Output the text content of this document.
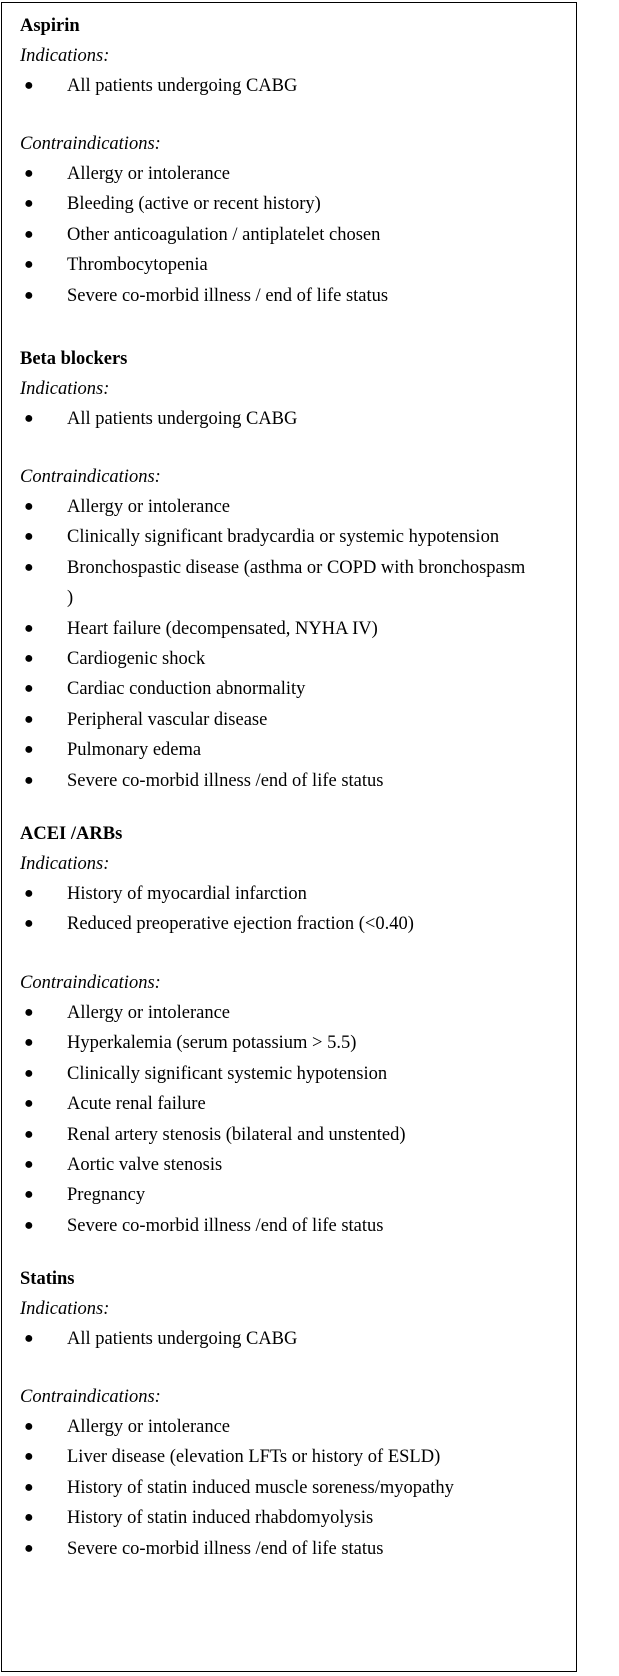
Aspirin
Indications:
● All patients undergoing CABG
Contraindications:
● Allergy or intolerance
● Bleeding (active or recent history)
● Other anticoagulation / antiplatelet chosen
● Thrombocytopenia
● Severe co-morbid illness / end of life status
Beta blockers
Indications:
● All patients undergoing CABG
Contraindications:
● Allergy or intolerance
● Clinically significant bradycardia or systemic hypotension
● Bronchospastic disease (asthma or COPD with bronchospasm )
● Heart failure (decompensated, NYHA IV)
● Cardiogenic shock
● Cardiac conduction abnormality
● Peripheral vascular disease
● Pulmonary edema
● Severe co-morbid illness /end of life status
ACEI /ARBs
Indications:
● History of myocardial infarction
● Reduced preoperative ejection fraction (<0.40)
Contraindications:
● Allergy or intolerance
● Hyperkalemia (serum potassium > 5.5)
● Clinically significant systemic hypotension
● Acute renal failure
● Renal artery stenosis (bilateral and unstented)
● Aortic valve stenosis
● Pregnancy
● Severe co-morbid illness /end of life status
Statins
Indications:
● All patients undergoing CABG
Contraindications:
● Allergy or intolerance
● Liver disease (elevation LFTs or history of ESLD)
● History of statin induced muscle soreness/myopathy
● History of statin induced rhabdomyolysis
● Severe co-morbid illness /end of life status
